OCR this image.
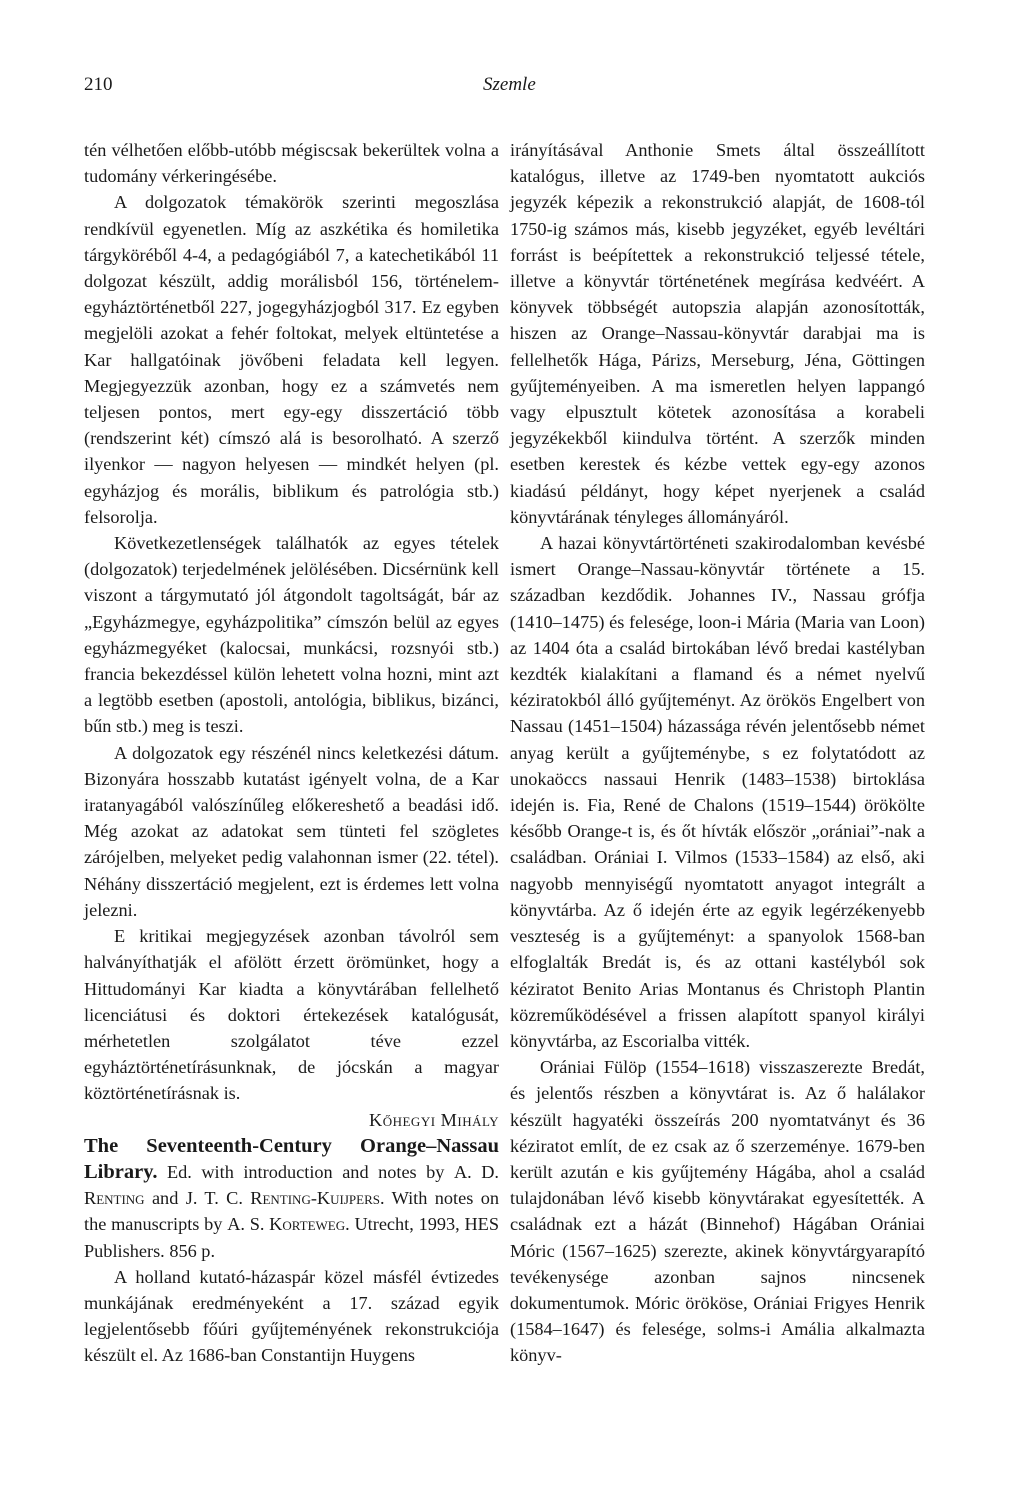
210	Szemle

tén vélhetően előbb-utóbb mégiscsak bekerültek volna a tudomány vérkeringésébe.

A dolgozatok témakörök szerinti megoszlása rendkívül egyenetlen. Míg az aszkétika és homiletika tárgyköréből 4-4, a pedagógiából 7, a katechetikából 11 dolgozat készült, addig morálisból 156, történelem-egyháztörténetből 227, jogegyházjogból 317. Ez egyben megjelöli azokat a fehér foltokat, melyek eltüntetése a Kar hallgatóinak jövőbeni feladata kell legyen. Megjegyezzük azonban, hogy ez a számvetés nem teljesen pontos, mert egy-egy disszertáció több (rendszerint két) címszó alá is besorolható. A szerző ilyenkor — nagyon helyesen — mindkét helyen (pl. egyházjog és morális, biblikum és patrológia stb.) felsorolja.

Következetlenségek találhatók az egyes tételek (dolgozatok) terjedelmének jelölésében. Dicsérnünk kell viszont a tárgymutató jól átgondolt tagoltságát, bár az „Egyházmegye, egyházpolitika” címszón belül az egyes egyházmegyéket (kalocsai, munkácsi, rozsnyói stb.) francia bekezdéssel külön lehetett volna hozni, mint azt a legtöbb esetben (apostoli, antológia, biblikus, bizánci, bűn stb.) meg is teszi.

A dolgozatok egy részénél nincs keletkezési dátum. Bizonyára hosszabb kutatást igényelt volna, de a Kar iratanyagából valószínűleg előkereshető a beadási idő. Még azokat az adatokat sem tünteti fel szögletes zárójelben, melyeket pedig valahonnan ismer (22. tétel). Néhány disszertáció megjelent, ezt is érdemes lett volna jelezni.

E kritikai megjegyzések azonban távolról sem halványíthatják el afölött érzett örömünket, hogy a Hittudományi Kar kiadta a könyvtárában fellelhető licenciátusi és doktori értekezések katalógusát, mérhetetlen szolgálatot téve ezzel egyháztörténetírásunknak, de jócskán a magyar köztörténetírásnak is.

Kőhegyi Mihály

The Seventeenth-Century Orange–Nassau Library. Ed. with introduction and notes by A. D. Renting and J. T. C. Renting-Kuijpers. With notes on the manuscripts by A. S. Korteweg. Utrecht, 1993, HES Publishers. 856 p.

A holland kutató-házaspár közel másfél évtizedes munkájának eredményeként a 17. század egyik legjelentősebb főúri gyűjteményének rekonstrukciója készült el. Az 1686-ban Constantijn Huygens

irányításával Anthonie Smets által összeállított katalógus, illetve az 1749-ben nyomtatott aukciós jegyzék képezik a rekonstrukció alapját, de 1608-tól 1750-ig számos más, kisebb jegyzéket, egyéb levéltári forrást is beépítettek a rekonstrukció teljessé tétele, illetve a könyvtár történetének megírása kedvéért. A könyvek többségét autopszia alapján azonosították, hiszen az Orange–Nassau-könyvtár darabjai ma is fellelhetők Hága, Párizs, Merseburg, Jéna, Göttingen gyűjteményeiben. A ma ismeretlen helyen lappangó vagy elpusztult kötetek azonosítása a korabeli jegyzékekből kiindulva történt. A szerzők minden esetben kerestek és kézbe vettek egy-egy azonos kiadású példányt, hogy képet nyerjenek a család könyvtárának tényleges állományáról.

A hazai könyvtártörténeti szakirodalomban kevésbé ismert Orange–Nassau-könyvtár története a 15. században kezdődik. Johannes IV., Nassau grófja (1410–1475) és felesége, loon-i Mária (Maria van Loon) az 1404 óta a család birtokában lévő bredai kastélyban kezdték kialakítani a flamand és a német nyelvű kéziratokból álló gyűjteményt. Az örökös Engelbert von Nassau (1451–1504) házassága révén jelentősebb német anyag került a gyűjteménybe, s ez folytatódott az unokaöccs nassaui Henrik (1483–1538) birtoklása idején is. Fia, René de Chalons (1519–1544) örökölte később Orange-t is, és őt hívták először „orániai”-nak a családban. Orániai I. Vilmos (1533–1584) az első, aki nagyobb mennyiségű nyomtatott anyagot integrált a könyvtárba. Az ő idején érte az egyik legérzékenyebb veszteség is a gyűjteményt: a spanyolok 1568-ban elfoglalták Bredát is, és az ottani kastélyból sok kéziratot Benito Arias Montanus és Christoph Plantin közreműködésével a frissen alapított spanyol királyi könyvtárba, az Escorialba vitték.

Orániai Fülöp (1554–1618) visszaszerezte Bredát, és jelentős részben a könyvtárat is. Az ő halálakor készült hagyatéki összeírás 200 nyomtatványt és 36 kéziratot említ, de ez csak az ő szerzeménye. 1679-ben került azután e kis gyűjtemény Hágába, ahol a család tulajdonában lévő kisebb könyvtárakat egyesítették. A családnak ezt a házát (Binnehof) Hágában Orániai Móric (1567–1625) szerezte, akinek könyvtárgyarapító tevékenysége azonban sajnos nincsenek dokumentumok. Móric örököse, Orániai Frigyes Henrik (1584–1647) és felesége, solms-i Amália alkalmazta könyv-
